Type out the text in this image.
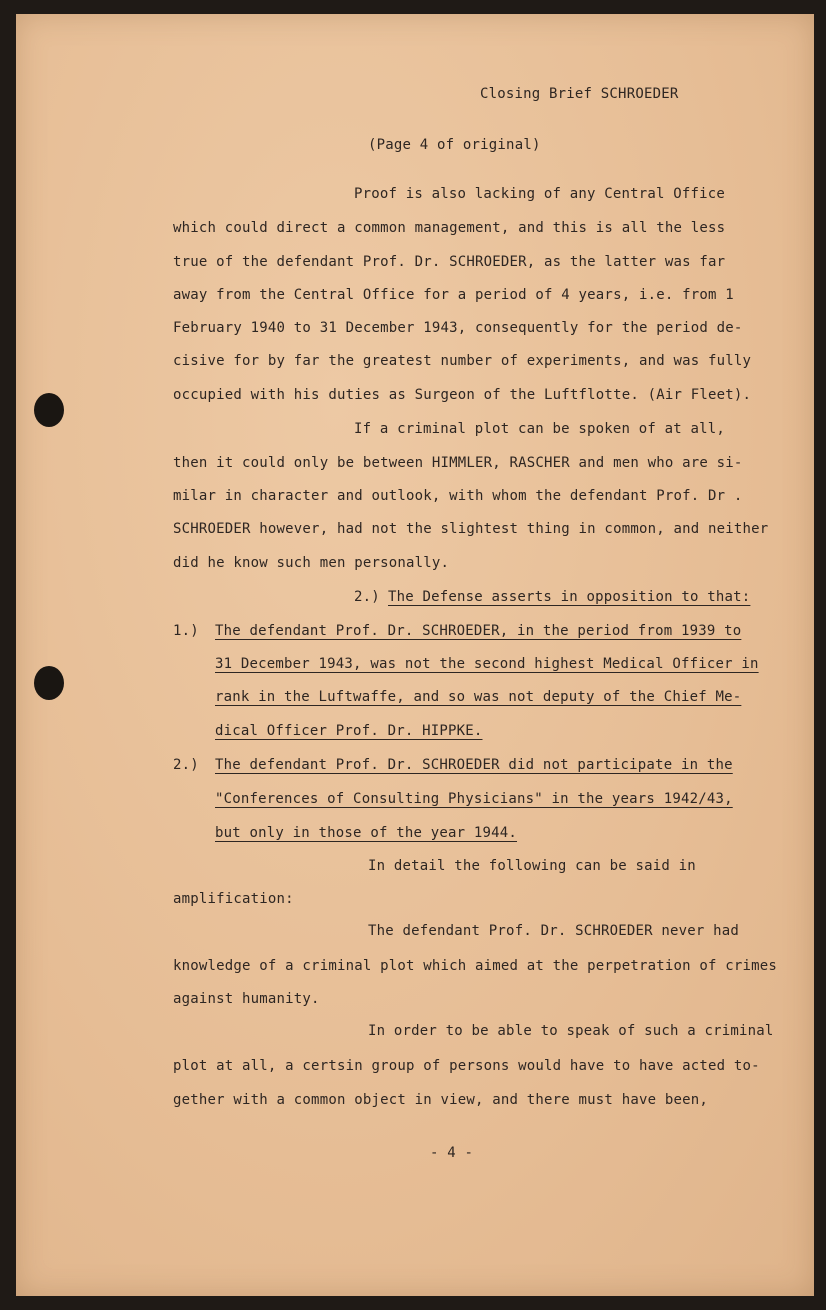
Closing Brief SCHROEDER
(Page 4 of original)
Proof is also lacking of any Central Office
which could direct a common management, and this is all the less
true of the defendant Prof. Dr. SCHROEDER, as the latter was far
away from the Central Office for a period of 4 years, i.e. from 1
February 1940 to 31 December 1943, consequently for the period de-
cisive for by far the greatest number of experiments, and was fully
occupied with his duties as Surgeon of the Luftflotte. (Air Fleet).
If a criminal plot can be spoken of at all,
then it could only be between HIMMLER, RASCHER and men who are si-
milar in character and outlook, with whom the defendant Prof. Dr .
SCHROEDER however, had not the slightest thing in common, and neither
did he know such men personally.
2.) The Defense asserts in opposition to that:
1.) The defendant Prof. Dr. SCHROEDER, in the period from 1939 to
31 December 1943, was not the second highest Medical Officer in
rank in the Luftwaffe, and so was not deputy of the Chief Me-
dical Officer Prof. Dr. HIPPKE.
2.) The defendant Prof. Dr. SCHROEDER did not participate in the
"Conferences of Consulting Physicians" in the years 1942/43,
but only in those of the year 1944.
In detail the following can be said in
amplification:
The defendant Prof. Dr. SCHROEDER never had
knowledge of a criminal plot which aimed at the perpetration of crimes
against humanity.
In order to be able to speak of such a criminal
plot at all, a certsin group of persons would have to have acted to-
gether with a common object in view, and there must have been,
- 4 -
